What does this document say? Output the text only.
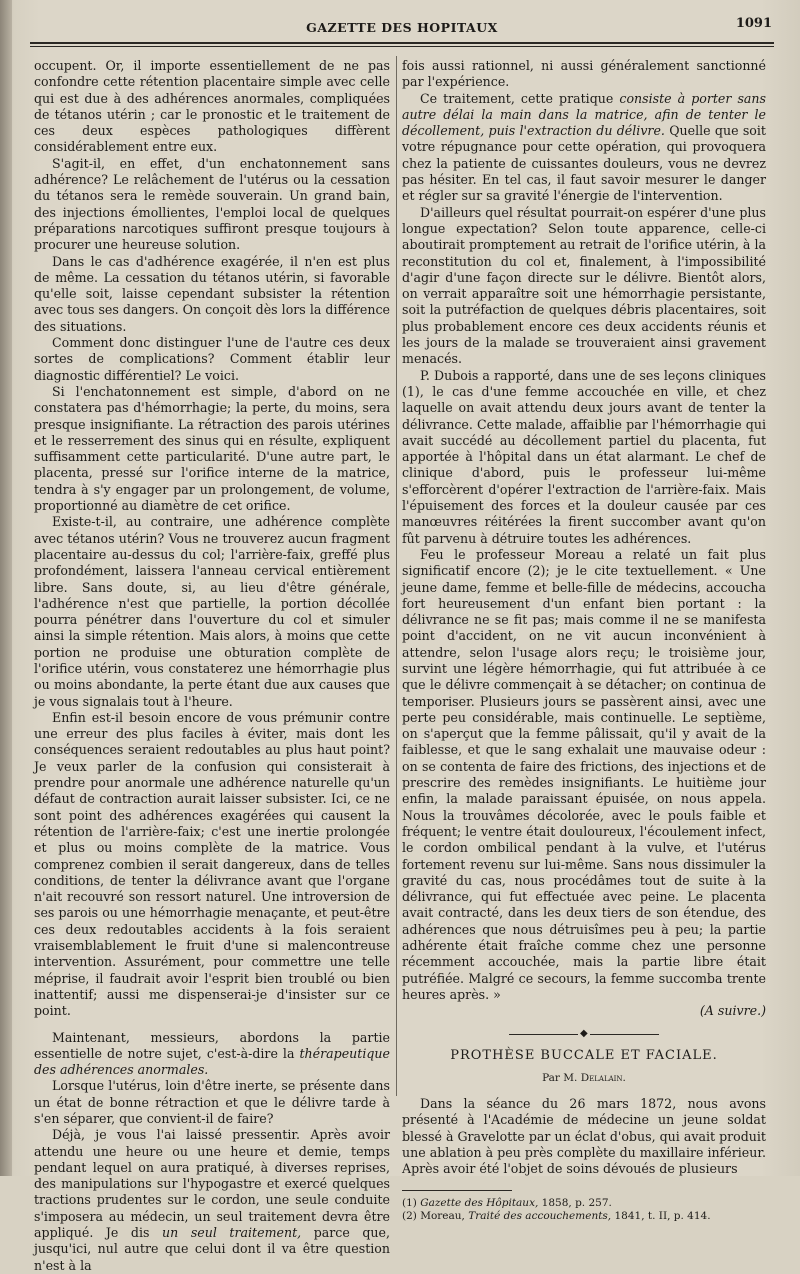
GAZETTE DES HOPITAUX	1091

occupent. Or, il importe essentiellement de ne pas confondre cette rétention placentaire simple avec celle qui est due à des adhérences anormales, compliquées de tétanos utérin ; car le pronostic et le traitement de ces deux espèces pathologiques diffèrent considérablement entre eux.

S'agit-il, en effet, d'un enchatonnement sans adhérence? Le relâchement de l'utérus ou la cessation du tétanos sera le remède souverain. Un grand bain, des injections émollientes, l'emploi local de quelques préparations narcotiques suffiront presque toujours à procurer une heureuse solution.

Dans le cas d'adhérence exagérée, il n'en est plus de même. La cessation du tétanos utérin, si favorable qu'elle soit, laisse cependant subsister la rétention avec tous ses dangers. On conçoit dès lors la différence des situations.

Comment donc distinguer l'une de l'autre ces deux sortes de complications? Comment établir leur diagnostic différentiel? Le voici.

Si l'enchatonnement est simple, d'abord on ne constatera pas d'hémorrhagie; la perte, du moins, sera presque insignifiante. La rétraction des parois utérines et le resserrement des sinus qui en résulte, expliquent suffisamment cette particularité. D'une autre part, le placenta, pressé sur l'orifice interne de la matrice, tendra à s'y engager par un prolongement, de volume, proportionné au diamètre de cet orifice.

Existe-t-il, au contraire, une adhérence complète avec tétanos utérin? Vous ne trouverez aucun fragment placentaire au-dessus du col; l'arrière-faix, greffé plus profondément, laissera l'anneau cervical entièrement libre. Sans doute, si, au lieu d'être générale, l'adhérence n'est que partielle, la portion décollée pourra pénétrer dans l'ouverture du col et simuler ainsi la simple rétention. Mais alors, à moins que cette portion ne produise une obturation complète de l'orifice utérin, vous constaterez une hémorrhagie plus ou moins abondante, la perte étant due aux causes que je vous signalais tout à l'heure.

Enfin est-il besoin encore de vous prémunir contre une erreur des plus faciles à éviter, mais dont les conséquences seraient redoutables au plus haut point? Je veux parler de la confusion qui consisterait à prendre pour anormale une adhérence naturelle qu'un défaut de contraction aurait laisser subsister. Ici, ce ne sont point des adhérences exagérées qui causent la rétention de l'arrière-faix; c'est une inertie prolongée et plus ou moins complète de la matrice. Vous comprenez combien il serait dangereux, dans de telles conditions, de tenter la délivrance avant que l'organe n'ait recouvré son ressort naturel. Une introversion de ses parois ou une hémorrhagie menaçante, et peut-être ces deux redoutables accidents à la fois seraient vraisemblablement le fruit d'une si malencontreuse intervention. Assurément, pour commettre une telle méprise, il faudrait avoir l'esprit bien troublé ou bien inattentif; aussi me dispenserai-je d'insister sur ce point.

Maintenant, messieurs, abordons la partie essentielle de notre sujet, c'est-à-dire la thérapeutique des adhérences anormales.

Lorsque l'utérus, loin d'être inerte, se présente dans un état de bonne rétraction et que le délivre tarde à s'en séparer, que convient-il de faire?

Déjà, je vous l'ai laissé pressentir. Après avoir attendu une heure ou une heure et demie, temps pendant lequel on aura pratiqué, à diverses reprises, des manipulations sur l'hypogastre et exercé quelques tractions prudentes sur le cordon, une seule conduite s'imposera au médecin, un seul traitement devra être appliqué. Je dis un seul traitement, parce que, jusqu'ici, nul autre que celui dont il va être question n'est à la

fois aussi rationnel, ni aussi généralement sanctionné par l'expérience.

Ce traitement, cette pratique consiste à porter sans autre délai la main dans la matrice, afin de tenter le décollement, puis l'extraction du délivre. Quelle que soit votre répugnance pour cette opération, qui provoquera chez la patiente de cuissantes douleurs, vous ne devrez pas hésiter. En tel cas, il faut savoir mesurer le danger et régler sur sa gravité l'énergie de l'intervention.

D'ailleurs quel résultat pourrait-on espérer d'une plus longue expectation? Selon toute apparence, celle-ci aboutirait promptement au retrait de l'orifice utérin, à la reconstitution du col et, finalement, à l'impossibilité d'agir d'une façon directe sur le délivre. Bientôt alors, on verrait apparaître soit une hémorrhagie persistante, soit la putréfaction de quelques débris placentaires, soit plus probablement encore ces deux accidents réunis et les jours de la malade se trouveraient ainsi gravement menacés.

P. Dubois a rapporté, dans une de ses leçons cliniques (1), le cas d'une femme accouchée en ville, et chez laquelle on avait attendu deux jours avant de tenter la délivrance. Cette malade, affaiblie par l'hémorrhagie qui avait succédé au décollement partiel du placenta, fut apportée à l'hôpital dans un état alarmant. Le chef de clinique d'abord, puis le professeur lui-même s'efforcèrent d'opérer l'extraction de l'arrière-faix. Mais l'épuisement des forces et la douleur causée par ces manœuvres réitérées la firent succomber avant qu'on fût parvenu à détruire toutes les adhérences.

Feu le professeur Moreau a relaté un fait plus significatif encore (2); je le cite textuellement. « Une jeune dame, femme et belle-fille de médecins, accoucha fort heureusement d'un enfant bien portant : la délivrance ne se fit pas; mais comme il ne se manifesta point d'accident, on ne vit aucun inconvénient à attendre, selon l'usage alors reçu; le troisième jour, survint une légère hémorrhagie, qui fut attribuée à ce que le délivre commençait à se détacher; on continua de temporiser. Plusieurs jours se passèrent ainsi, avec une perte peu considérable, mais continuelle. Le septième, on s'aperçut que la femme pâlissait, qu'il y avait de la faiblesse, et que le sang exhalait une mauvaise odeur : on se contenta de faire des frictions, des injections et de prescrire des remèdes insignifiants. Le huitième jour enfin, la malade paraissant épuisée, on nous appela. Nous la trouvâmes décolorée, avec le pouls faible et fréquent; le ventre était douloureux, l'écoulement infect, le cordon ombilical pendant à la vulve, et l'utérus fortement revenu sur lui-même. Sans nous dissimuler la gravité du cas, nous procédâmes tout de suite à la délivrance, qui fut effectuée avec peine. Le placenta avait contracté, dans les deux tiers de son étendue, des adhérences que nous détruisîmes peu à peu; la partie adhérente était fraîche comme chez une personne récemment accouchée, mais la partie libre était putréfiée. Malgré ce secours, la femme succomba trente heures après. »

(A suivre.)
◆
PROTHÈSE BUCCALE ET FACIALE.
Par M. Delalain.

Dans la séance du 26 mars 1872, nous avons présenté à l'Académie de médecine un jeune soldat blessé à Gravelotte par un éclat d'obus, qui avait produit une ablation à peu près complète du maxillaire inférieur. Après avoir été l'objet de soins dévoués de plusieurs

(1) Gazette des Hôpitaux, 1858, p. 257.
(2) Moreau, Traité des accouchements, 1841, t. II, p. 414.
